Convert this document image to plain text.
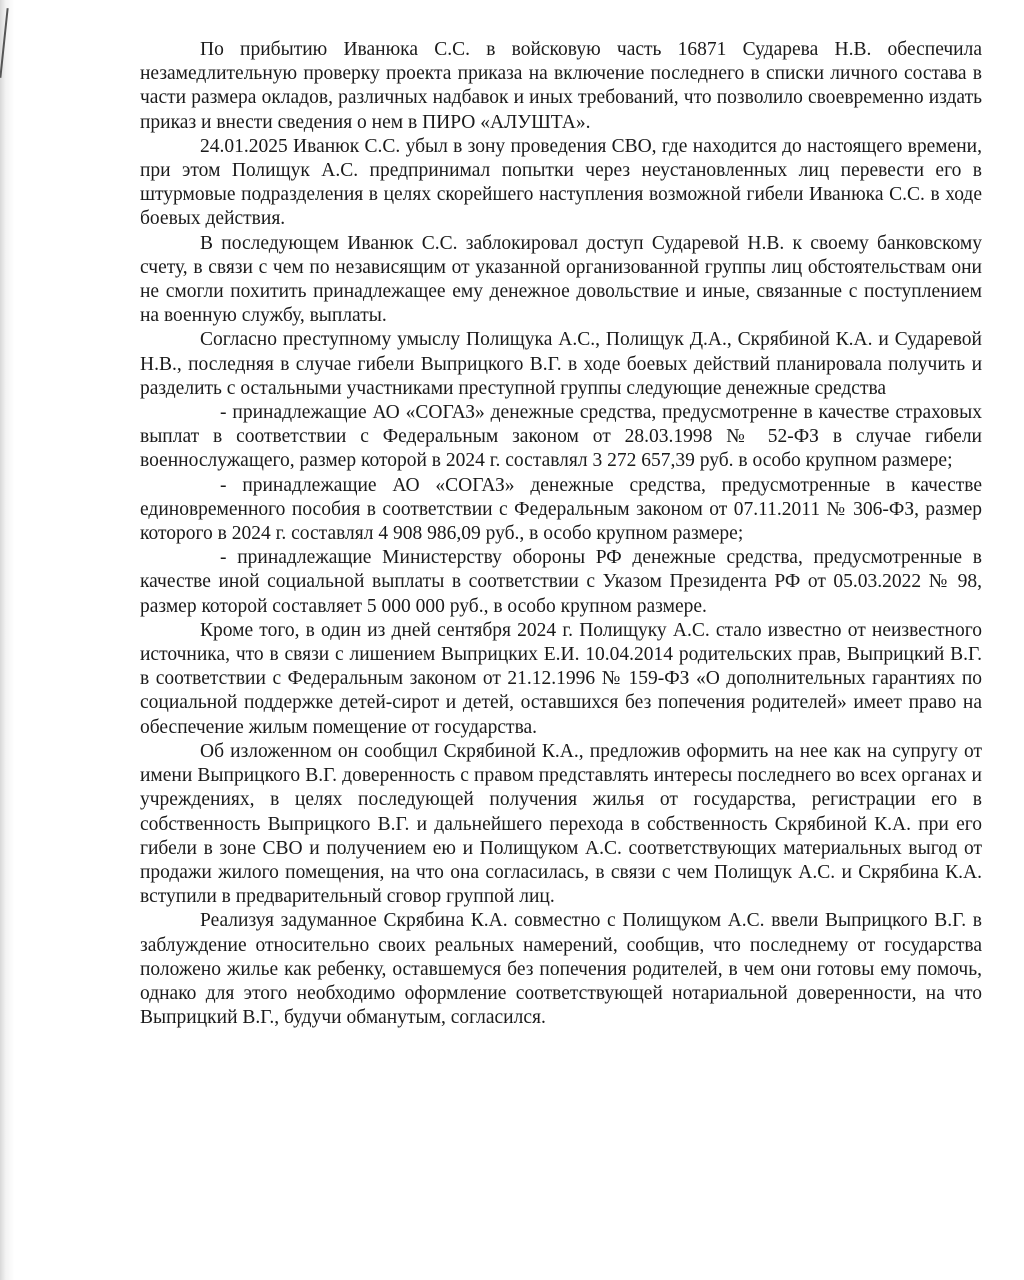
По прибытию Иванюка С.С. в войсковую часть 16871 Сударева Н.В. обеспечила незамедлительную проверку проекта приказа на включение последнего в списки личного состава в части размера окладов, различных надбавок и иных требований, что позволило своевременно издать приказ и внести сведения о нем в ПИРО «АЛУШТА».

24.01.2025 Иванюк С.С. убыл в зону проведения СВО, где находится до настоящего времени, при этом Полищук А.С. предпринимал попытки через неустановленных лиц перевести его в штурмовые подразделения в целях скорейшего наступления возможной гибели Иванюка С.С. в ходе боевых действия.

В последующем Иванюк С.С. заблокировал доступ Сударевой Н.В. к своему банковскому счету, в связи с чем по независящим от указанной организованной группы лиц обстоятельствам они не смогли похитить принадлежащее ему денежное довольствие и иные, связанные с поступлением на военную службу, выплаты.

Согласно преступному умыслу Полищука А.С., Полищук Д.А., Скрябиной К.А. и Сударевой Н.В., последняя в случае гибели Выприцкого В.Г. в ходе боевых действий планировала получить и разделить с остальными участниками преступной группы следующие денежные средства

- принадлежащие АО «СОГАЗ» денежные средства, предусмотренне в качестве страховых выплат в соответствии с Федеральным законом от 28.03.1998 № 52-ФЗ в случае гибели военнослужащего, размер которой в 2024 г. составлял 3 272 657,39 руб. в особо крупном размере;

- принадлежащие АО «СОГАЗ» денежные средства, предусмотренные в качестве единовременного пособия в соответствии с Федеральным законом от 07.11.2011 № 306-ФЗ, размер которого в 2024 г. составлял 4 908 986,09 руб., в особо крупном размере;

- принадлежащие Министерству обороны РФ денежные средства, предусмотренные в качестве иной социальной выплаты в соответствии с Указом Президента РФ от 05.03.2022 № 98, размер которой составляет 5 000 000 руб., в особо крупном размере.

Кроме того, в один из дней сентября 2024 г. Полищуку А.С. стало известно от неизвестного источника, что в связи с лишением Выприцких Е.И. 10.04.2014 родительских прав, Выприцкий В.Г. в соответствии с Федеральным законом от 21.12.1996 № 159-ФЗ «О дополнительных гарантиях по социальной поддержке детей-сирот и детей, оставшихся без попечения родителей» имеет право на обеспечение жилым помещение от государства.

Об изложенном он сообщил Скрябиной К.А., предложив оформить на нее как на супругу от имени Выприцкого В.Г. доверенность с правом представлять интересы последнего во всех органах и учреждениях, в целях последующей получения жилья от государства, регистрации его в собственность Выприцкого В.Г. и дальнейшего перехода в собственность Скрябиной К.А. при его гибели в зоне СВО и получением ею и Полищуком А.С. соответствующих материальных выгод от продажи жилого помещения, на что она согласилась, в связи с чем Полищук А.С. и Скрябина К.А. вступили в предварительный сговор группой лиц.

Реализуя задуманное Скрябина К.А. совместно с Полищуком А.С. ввели Выприцкого В.Г. в заблуждение относительно своих реальных намерений, сообщив, что последнему от государства положено жилье как ребенку, оставшемуся без попечения родителей, в чем они готовы ему помочь, однако для этого необходимо оформление соответствующей нотариальной доверенности, на что Выприцкий В.Г., будучи обманутым, согласился.
